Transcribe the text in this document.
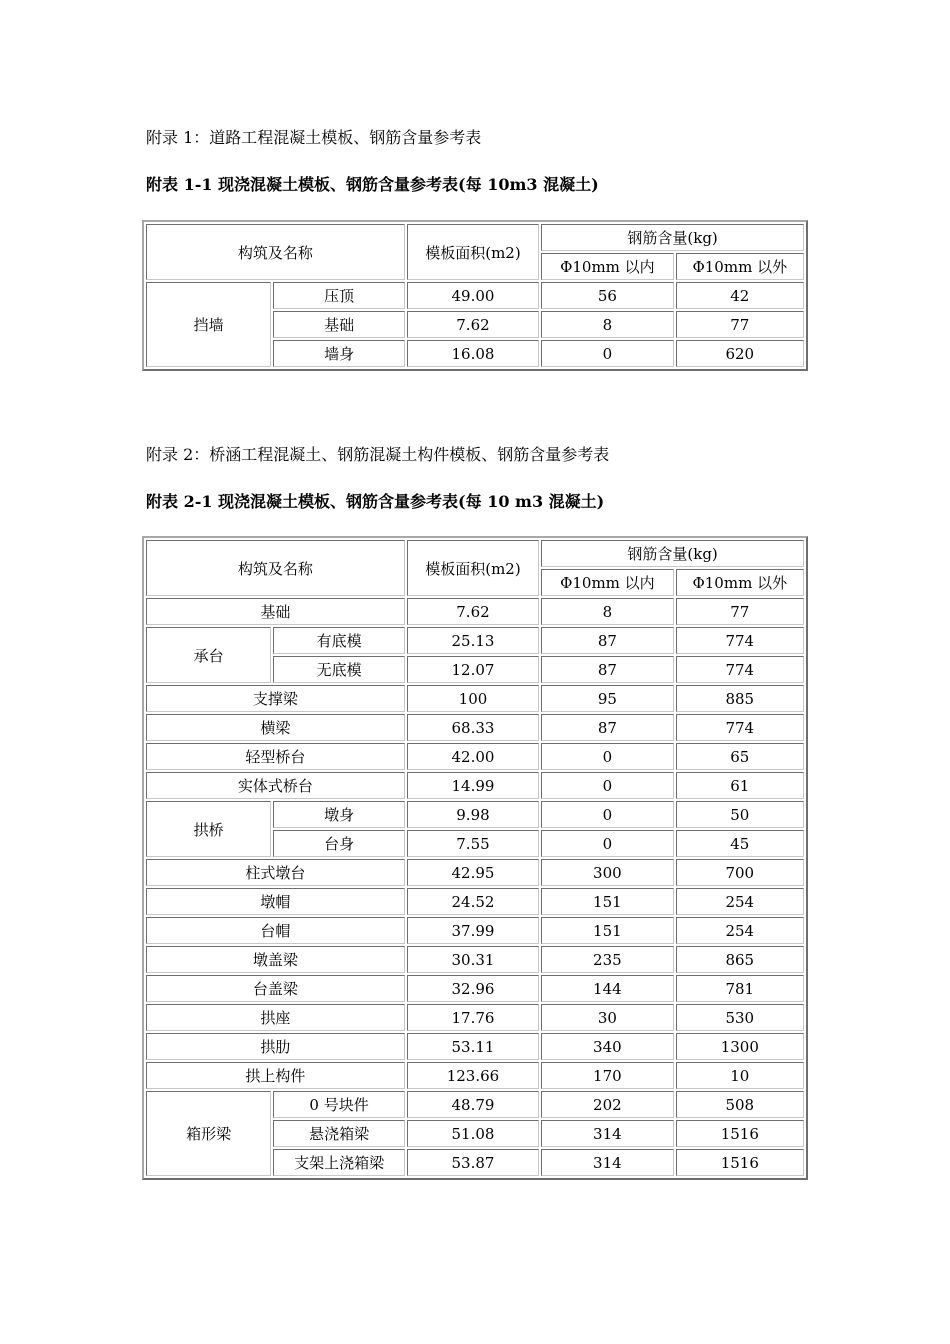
附录 1：道路工程混凝土模板、钢筋含量参考表
附表 1-1 现浇混凝土模板、钢筋含量参考表(每 10m3 混凝土)
构筑及名称		模板面积(m2)	钢筋含量(kg)	
			Φ10mm 以内	Φ10mm 以外
挡墙	压顶	49.00	56	42
	基础	7.62	8	77
	墙身	16.08	0	620
附录 2：桥涵工程混凝土、钢筋混凝土构件模板、钢筋含量参考表
附表 2-1 现浇混凝土模板、钢筋含量参考表(每 10 m3 混凝土)
构筑及名称		模板面积(m2)	钢筋含量(kg)	
			Φ10mm 以内	Φ10mm 以外
基础		7.62	8	77
承台	有底模	25.13	87	774
	无底模	12.07	87	774
支撑梁		100	95	885
横梁		68.33	87	774
轻型桥台		42.00	0	65
实体式桥台		14.99	0	61
拱桥	墩身	9.98	0	50
	台身	7.55	0	45
柱式墩台		42.95	300	700
墩帽		24.52	151	254
台帽		37.99	151	254
墩盖梁		30.31	235	865
台盖梁		32.96	144	781
拱座		17.76	30	530
拱肋		53.11	340	1300
拱上构件		123.66	170	10
箱形梁	0 号块件	48.79	202	508
	悬浇箱梁	51.08	314	1516
	支架上浇箱梁	53.87	314	1516
